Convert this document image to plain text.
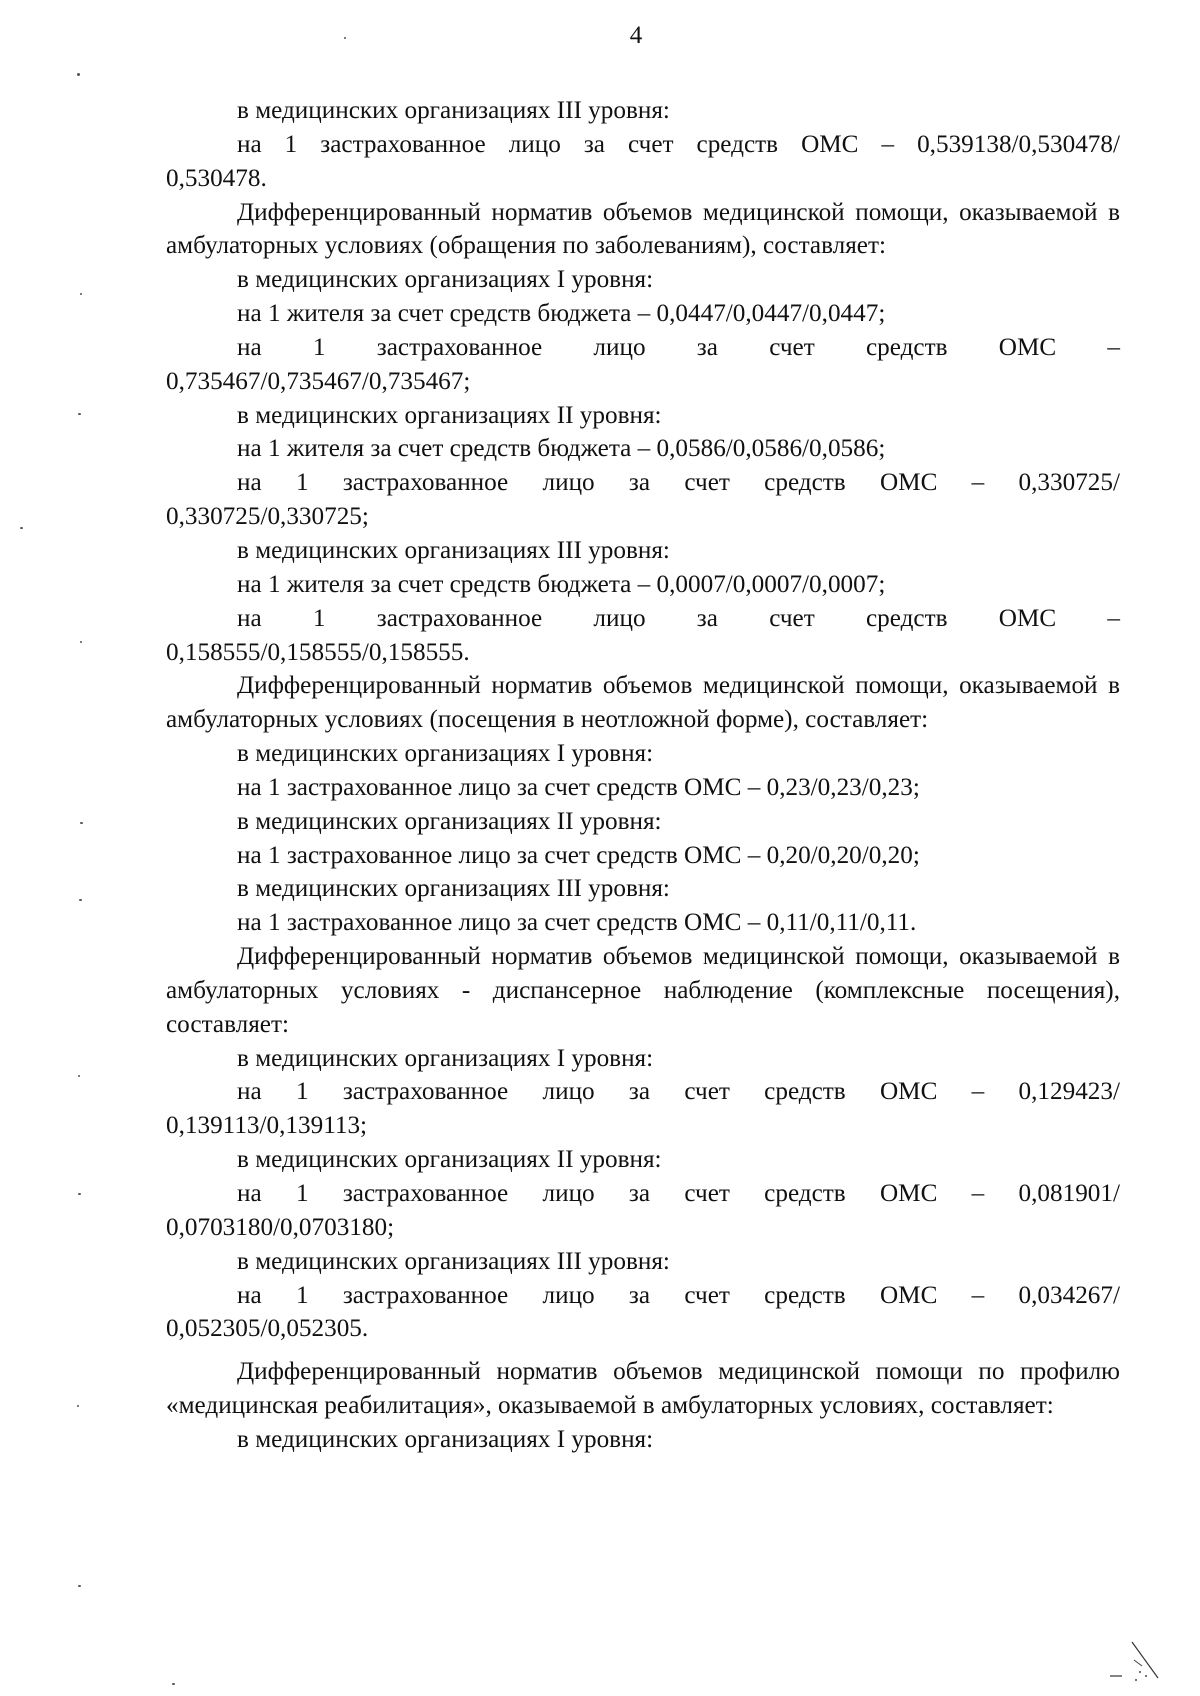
4
в медицинских организациях III уровня:
на 1 застрахованное лицо за счет средств ОМС – 0,539138/0,530478/
0,530478.

Дифференцированный норматив объемов медицинской помощи, оказываемой в амбулаторных условиях (обращения по заболеваниям), составляет:

в медицинских организациях I уровня:
на 1 жителя за счет средств бюджета – 0,0447/0,0447/0,0447;
на 1 застрахованное лицо за счет средств ОМС –
0,735467/0,735467/0,735467;
в медицинских организациях II уровня:
на 1 жителя за счет средств бюджета – 0,0586/0,0586/0,0586;
на 1 застрахованное лицо за счет средств ОМС – 0,330725/
0,330725/0,330725;
в медицинских организациях III уровня:
на 1 жителя за счет средств бюджета – 0,0007/0,0007/0,0007;
на 1 застрахованное лицо за счет средств ОМС –
0,158555/0,158555/0,158555.

Дифференцированный норматив объемов медицинской помощи, оказываемой в амбулаторных условиях (посещения в неотложной форме), составляет:

в медицинских организациях I уровня:
на 1 застрахованное лицо за счет средств ОМС – 0,23/0,23/0,23;
в медицинских организациях II уровня:
на 1 застрахованное лицо за счет средств ОМС – 0,20/0,20/0,20;
в медицинских организациях III уровня:
на 1 застрахованное лицо за счет средств ОМС – 0,11/0,11/0,11.

Дифференцированный норматив объемов медицинской помощи, оказываемой в амбулаторных условиях - диспансерное наблюдение (комплексные посещения), составляет:

в медицинских организациях I уровня:
на 1 застрахованное лицо за счет средств ОМС – 0,129423/
0,139113/0,139113;
в медицинских организациях II уровня:
на 1 застрахованное лицо за счет средств ОМС – 0,081901/
0,0703180/0,0703180;
в медицинских организациях III уровня:
на 1 застрахованное лицо за счет средств ОМС – 0,034267/
0,052305/0,052305.

Дифференцированный норматив объемов медицинской помощи по профилю «медицинская реабилитация», оказываемой в амбулаторных условиях, составляет:

в медицинских организациях I уровня:
